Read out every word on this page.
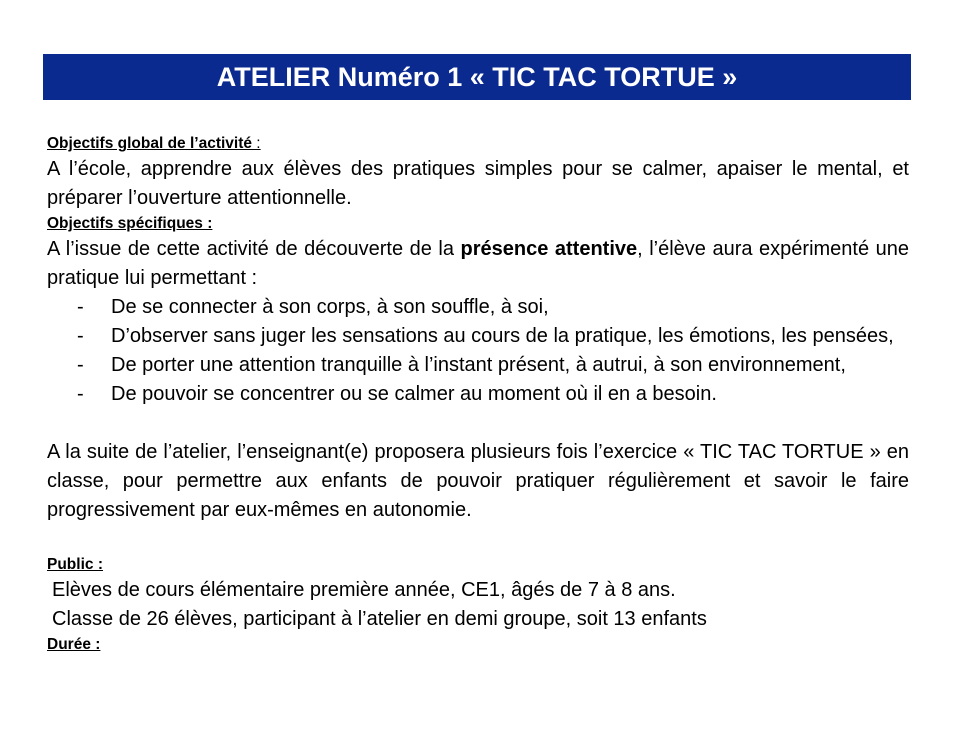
ATELIER Numéro 1 « TIC TAC TORTUE »
Objectifs global de l’activité :

A l’école, apprendre aux élèves des pratiques simples pour se calmer, apaiser le mental, et préparer l’ouverture attentionnelle.

Objectifs spécifiques :

A l’issue de cette activité de découverte de la présence attentive, l’élève aura expérimenté une pratique lui permettant :

- De se connecter à son corps, à son souffle, à soi,
- D’observer sans juger les sensations au cours de la pratique, les émotions, les pensées,
- De porter une attention tranquille à l’instant présent, à autrui, à son environnement,
- De pouvoir se concentrer ou se calmer au moment où il en a besoin.

A la suite de l’atelier, l’enseignant(e) proposera plusieurs fois l’exercice « TIC TAC TORTUE » en classe, pour permettre aux enfants de pouvoir pratiquer régulièrement et savoir le faire progressivement par eux-mêmes en autonomie.

Public :
Elèves de cours élémentaire première année, CE1, âgés de 7 à 8 ans.
Classe de 26 élèves, participant à l’atelier en demi groupe, soit 13 enfants
Durée :
